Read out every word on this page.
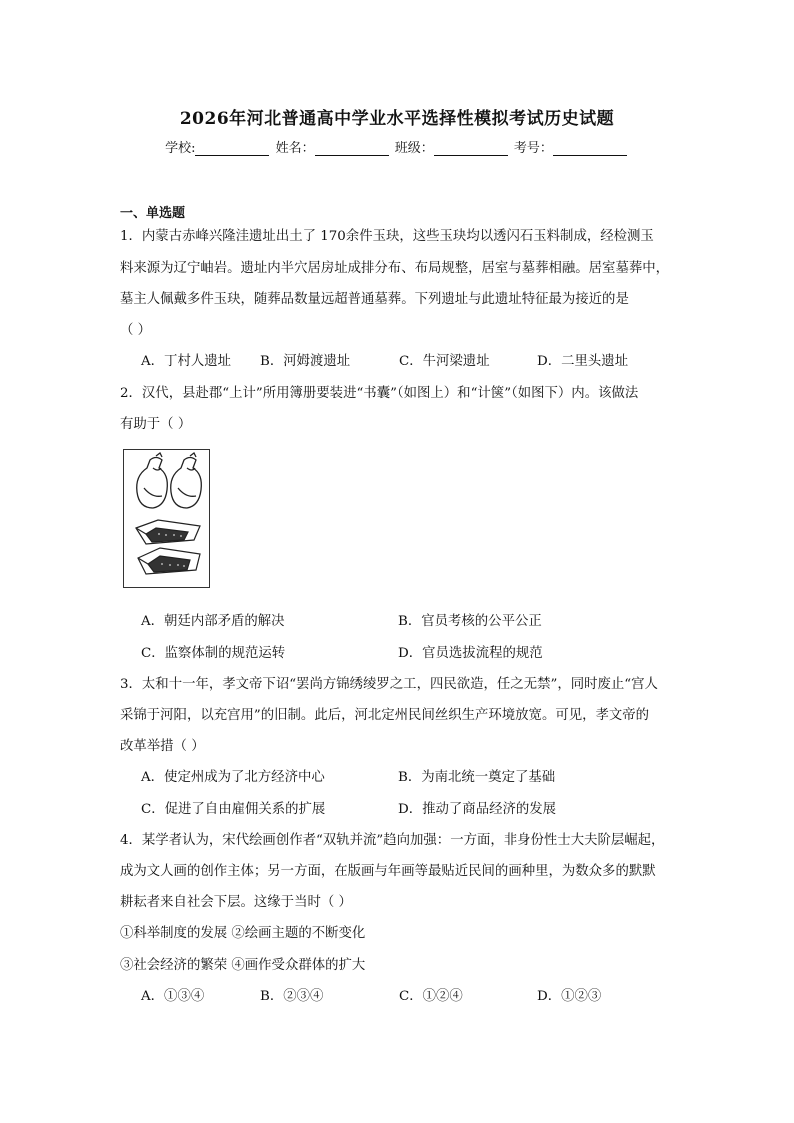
2026年河北普通高中学业水平选择性模拟考试历史试题
学校:	姓名：	班级：	考号：
一、单选题
1．内蒙古赤峰兴隆洼遗址出土了 170余件玉玦，这些玉玦均以透闪石玉料制成，经检测玉
料来源为辽宁岫岩。遗址内半穴居房址成排分布、布局规整，居室与墓葬相融。居室墓葬中，
墓主人佩戴多件玉玦，随葬品数量远超普通墓葬。下列遗址与此遗址特征最为接近的是
（ ）
A．丁村人遗址 B．河姆渡遗址	C．牛河梁遗址	D．二里头遗址
2．汉代，县赴郡“上计”所用簿册要装进“书囊”（如图上）和“计箧”（如图下）内。该做法
有助于（ ）
A．朝廷内部矛盾的解决	B．官员考核的公平公正
C．监察体制的规范运转	D．官员选拔流程的规范
3．太和十一年，孝文帝下诏“罢尚方锦绣绫罗之工，四民欲造，任之无禁”，同时废止“宫人
采锦于河阳，以充宫用”的旧制。此后，河北定州民间丝织生产环境放宽。可见，孝文帝的
改革举措（ ）
A．使定州成为了北方经济中心	B．为南北统一奠定了基础
C．促进了自由雇佣关系的扩展	D．推动了商品经济的发展
4．某学者认为，宋代绘画创作者“双轨并流”趋向加强：一方面，非身份性士大夫阶层崛起，
成为文人画的创作主体；另一方面，在版画与年画等最贴近民间的画种里，为数众多的默默
耕耘者来自社会下层。这缘于当时（ ）
①科举制度的发展 ②绘画主题的不断变化
③社会经济的繁荣 ④画作受众群体的扩大
A．①③④	B．②③④	C．①②④	D．①②③
